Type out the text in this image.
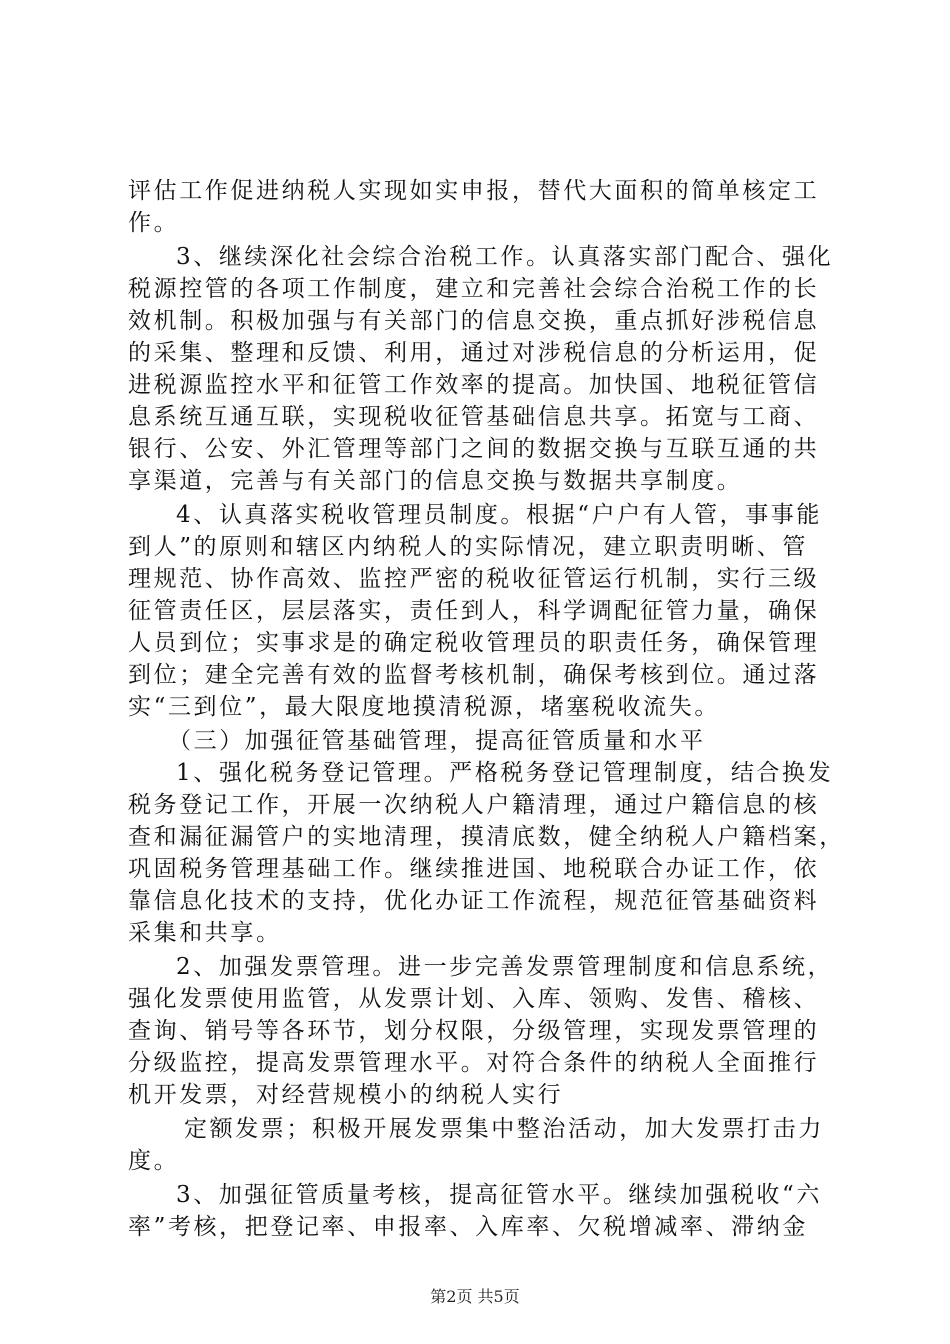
评估工作促进纳税人实现如实申报，替代大面积的简单核定工
作。
3、继续深化社会综合治税工作。认真落实部门配合、强化
税源控管的各项工作制度，建立和完善社会综合治税工作的长
效机制。积极加强与有关部门的信息交换，重点抓好涉税信息
的采集、整理和反馈、利用，通过对涉税信息的分析运用，促
进税源监控水平和征管工作效率的提高。加快国、地税征管信
息系统互通互联，实现税收征管基础信息共享。拓宽与工商、
银行、公安、外汇管理等部门之间的数据交换与互联互通的共
享渠道，完善与有关部门的信息交换与数据共享制度。
4、认真落实税收管理员制度。根据“户户有人管，事事能
到人”的原则和辖区内纳税人的实际情况，建立职责明晰、管
理规范、协作高效、监控严密的税收征管运行机制，实行三级
征管责任区，层层落实，责任到人，科学调配征管力量，确保
人员到位；实事求是的确定税收管理员的职责任务，确保管理
到位；建全完善有效的监督考核机制，确保考核到位。通过落
实“三到位”，最大限度地摸清税源，堵塞税收流失。
（三）加强征管基础管理，提高征管质量和水平
1、强化税务登记管理。严格税务登记管理制度，结合换发
税务登记工作，开展一次纳税人户籍清理，通过户籍信息的核
查和漏征漏管户的实地清理，摸清底数，健全纳税人户籍档案，
巩固税务管理基础工作。继续推进国、地税联合办证工作，依
靠信息化技术的支持，优化办证工作流程，规范征管基础资料
采集和共享。
2、加强发票管理。进一步完善发票管理制度和信息系统，
强化发票使用监管，从发票计划、入库、领购、发售、稽核、
查询、销号等各环节，划分权限，分级管理，实现发票管理的
分级监控，提高发票管理水平。对符合条件的纳税人全面推行
机开发票，对经营规模小的纳税人实行
定额发票；积极开展发票集中整治活动，加大发票打击力
度。
3、加强征管质量考核，提高征管水平。继续加强税收“六
率”考核，把登记率、申报率、入库率、欠税增减率、滞纳金
第2页 共5页
